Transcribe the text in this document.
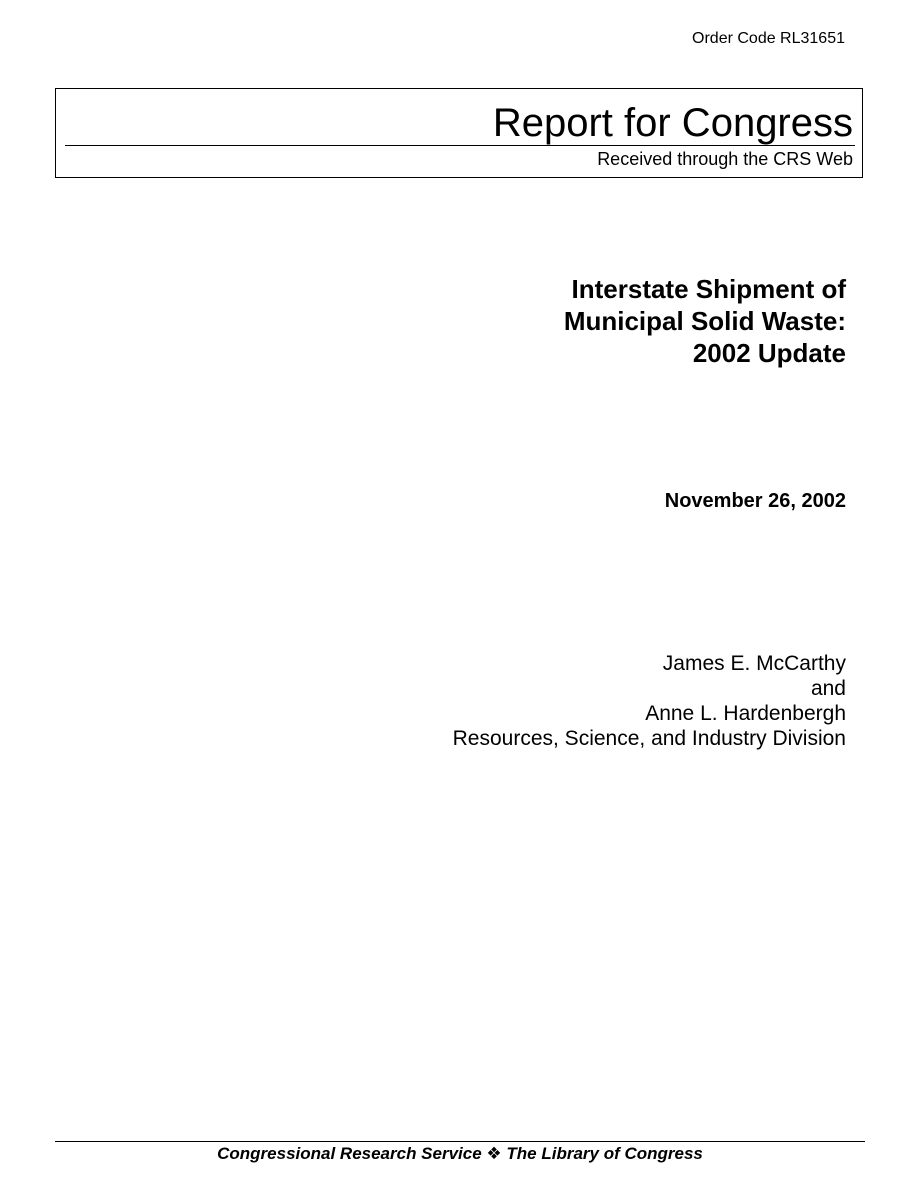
Order Code RL31651
Report for Congress
Received through the CRS Web
Interstate Shipment of
Municipal Solid Waste:
2002 Update
November 26, 2002
James E. McCarthy
and
Anne L. Hardenbergh
Resources, Science, and Industry Division
Congressional Research Service ❖ The Library of Congress
